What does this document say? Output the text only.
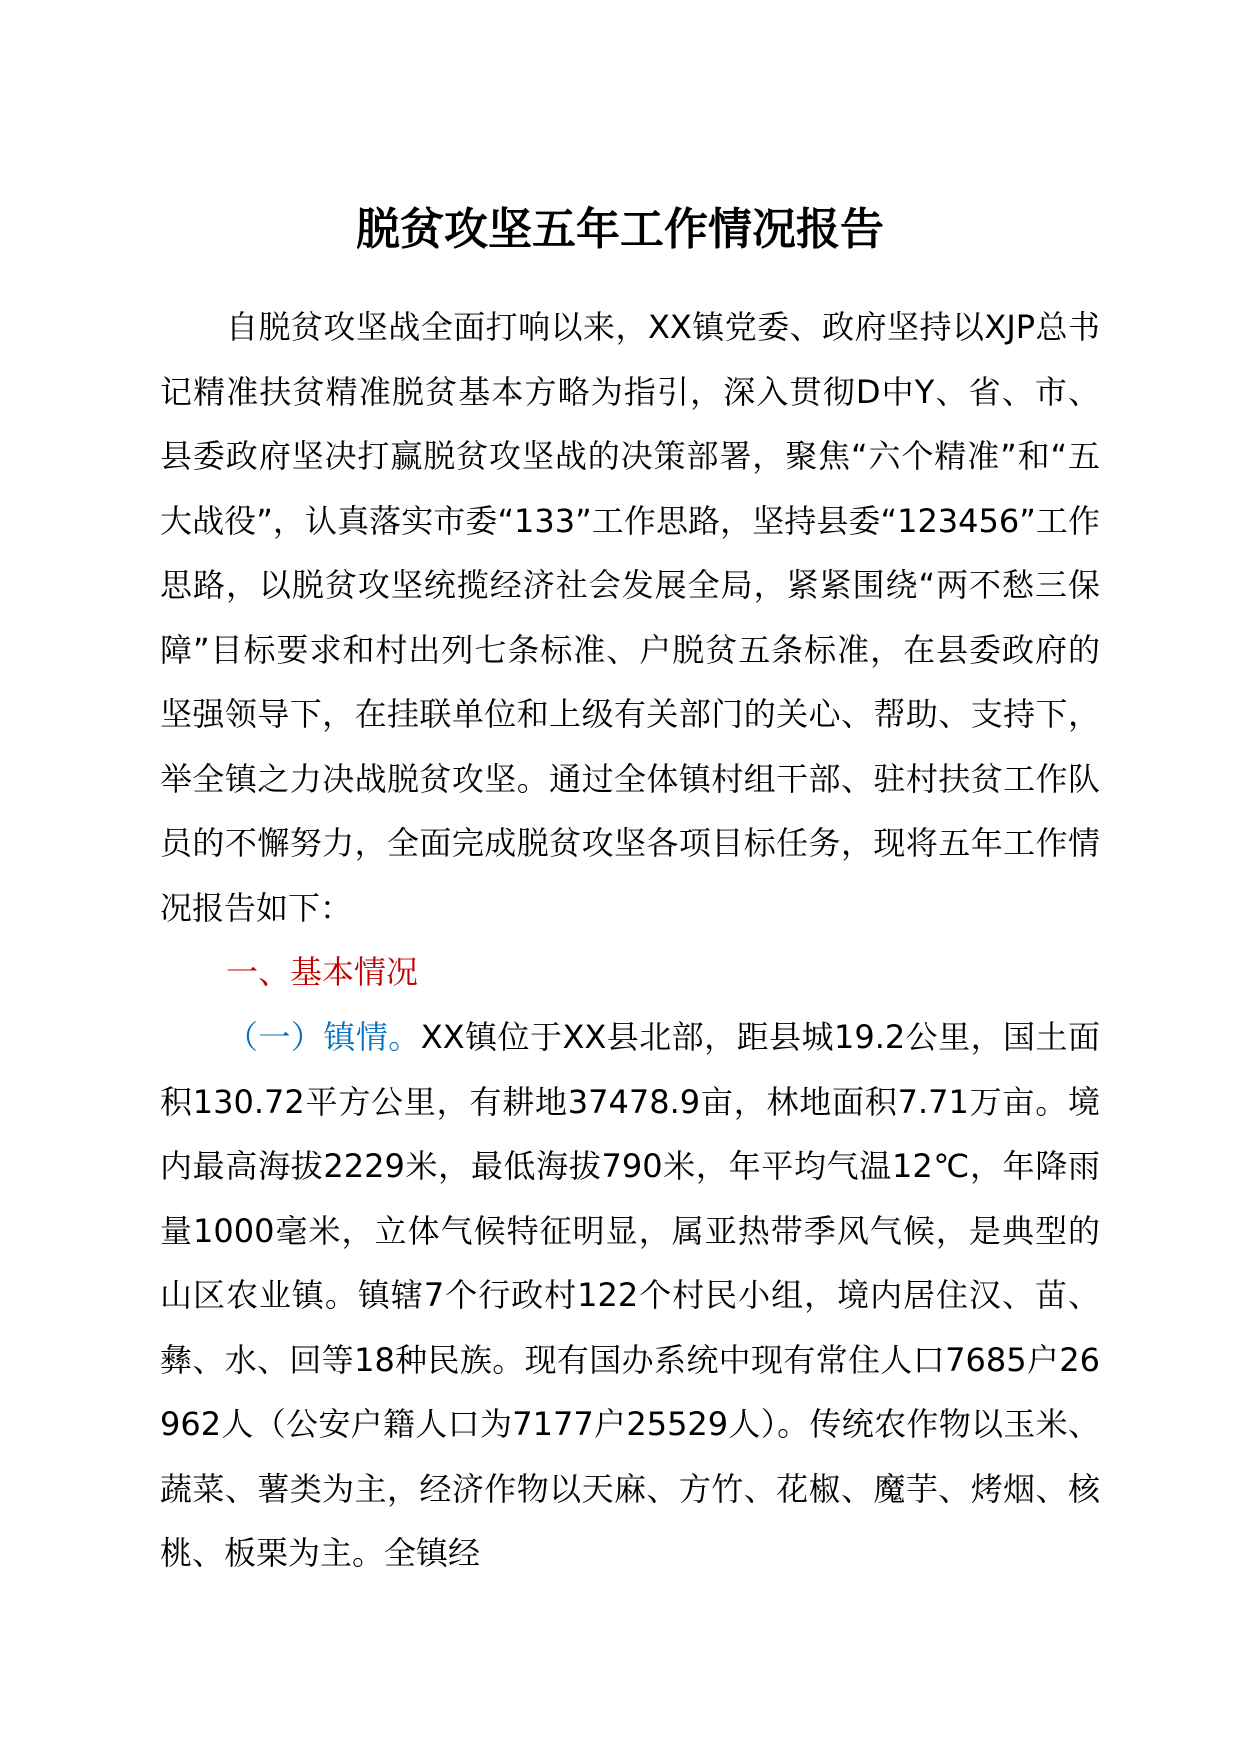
脱贫攻坚五年工作情况报告
自脱贫攻坚战全面打响以来，XX镇党委、政府坚持以XJP总书记精准扶贫精准脱贫基本方略为指引，深入贯彻D中Y、省、市、县委政府坚决打赢脱贫攻坚战的决策部署，聚焦“六个精准”和“五大战役”，认真落实市委“133”工作思路，坚持县委“123456”工作思路，以脱贫攻坚统揽经济社会发展全局，紧紧围绕“两不愁三保障”目标要求和村出列七条标准、户脱贫五条标准，在县委政府的坚强领导下，在挂联单位和上级有关部门的关心、帮助、支持下，举全镇之力决战脱贫攻坚。通过全体镇村组干部、驻村扶贫工作队员的不懈努力，全面完成脱贫攻坚各项目标任务，现将五年工作情况报告如下：
一、基本情况
（一）镇情。XX镇位于XX县北部，距县城19.2公里，国土面积130.72平方公里，有耕地37478.9亩，林地面积7.71万亩。境内最高海拔2229米，最低海拔790米，年平均气温12℃，年降雨量1000毫米，立体气候特征明显，属亚热带季风气候，是典型的山区农业镇。镇辖7个行政村122个村民小组，境内居住汉、苗、彝、水、回等18种民族。现有国办系统中现有常住人口7685户26962人（公安户籍人口为7177户25529人）。传统农作物以玉米、蔬菜、薯类为主，经济作物以天麻、方竹、花椒、魔芋、烤烟、核桃、板栗为主。全镇经
